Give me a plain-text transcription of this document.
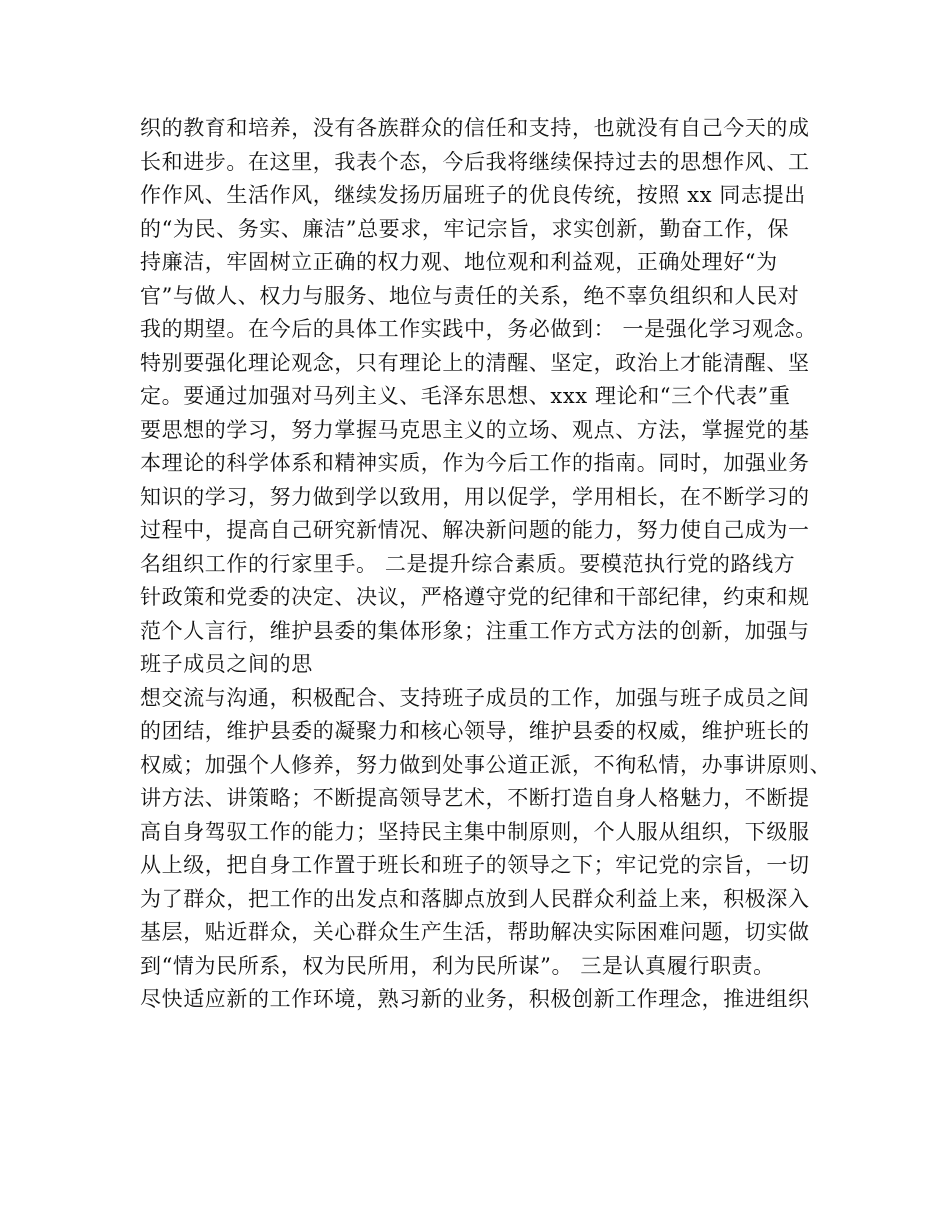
织的教育和培养，没有各族群众的信任和支持，也就没有自己今天的成
长和进步。在这里，我表个态，今后我将继续保持过去的思想作风、工
作作风、生活作风，继续发扬历届班子的优良传统，按照 xx 同志提出
的“为民、务实、廉洁”总要求，牢记宗旨，求实创新，勤奋工作，保
持廉洁，牢固树立正确的权力观、地位观和利益观，正确处理好“为
官”与做人、权力与服务、地位与责任的关系，绝不辜负组织和人民对
我的期望。在今后的具体工作实践中，务必做到： 一是强化学习观念。
特别要强化理论观念，只有理论上的清醒、坚定，政治上才能清醒、坚
定。要通过加强对马列主义、毛泽东思想、xxx 理论和“三个代表”重
要思想的学习，努力掌握马克思主义的立场、观点、方法，掌握党的基
本理论的科学体系和精神实质，作为今后工作的指南。同时，加强业务
知识的学习，努力做到学以致用，用以促学，学用相长，在不断学习的
过程中，提高自己研究新情况、解决新问题的能力，努力使自己成为一
名组织工作的行家里手。 二是提升综合素质。要模范执行党的路线方
针政策和党委的决定、决议，严格遵守党的纪律和干部纪律，约束和规
范个人言行，维护县委的集体形象；注重工作方式方法的创新，加强与
班子成员之间的思
想交流与沟通，积极配合、支持班子成员的工作，加强与班子成员之间
的团结，维护县委的凝聚力和核心领导，维护县委的权威，维护班长的
权威；加强个人修养，努力做到处事公道正派，不徇私情，办事讲原则、
讲方法、讲策略；不断提高领导艺术，不断打造自身人格魅力，不断提
高自身驾驭工作的能力；坚持民主集中制原则，个人服从组织，下级服
从上级，把自身工作置于班长和班子的领导之下；牢记党的宗旨，一切
为了群众，把工作的出发点和落脚点放到人民群众利益上来，积极深入
基层，贴近群众，关心群众生产生活，帮助解决实际困难问题，切实做
到“情为民所系，权为民所用，利为民所谋”。 三是认真履行职责。
尽快适应新的工作环境，熟习新的业务，积极创新工作理念，推进组织
